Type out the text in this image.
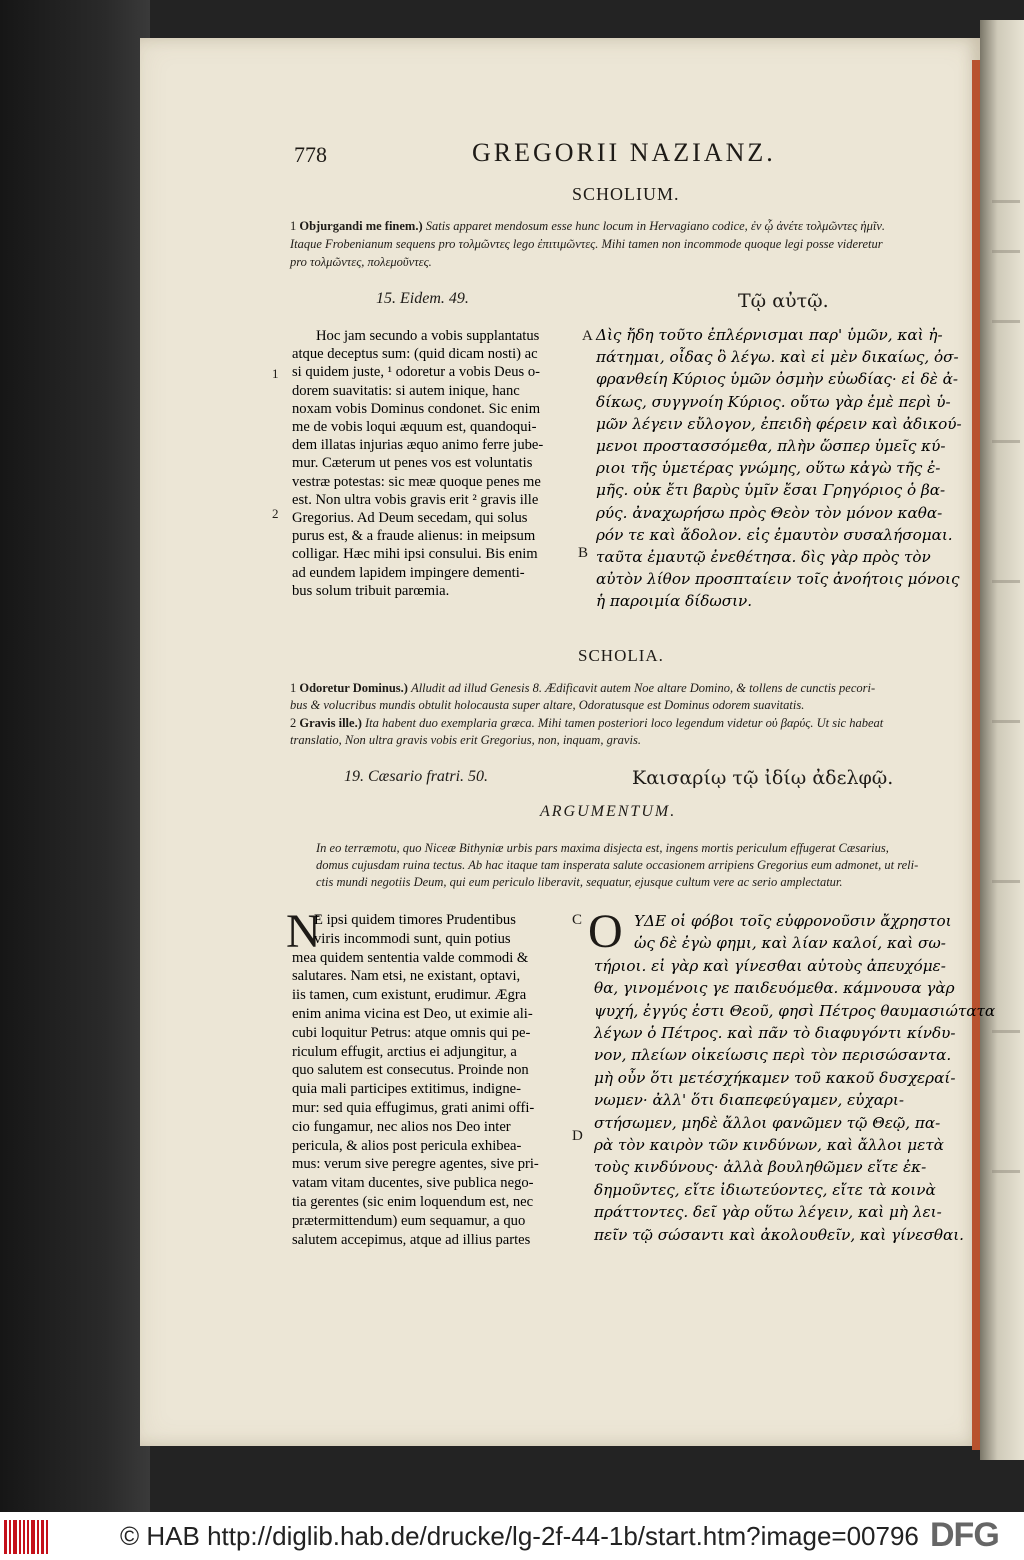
778	GREGORII NAZIANZ.
SCHOLIUM.
1 Objurgandi me finem.) Satis apparet mendosum esse hunc locum in Hervagiano codice, ἐν ᾧ ἀνέτε τολμῶντες ἡμῖν.
Itaque Frobenianum sequens pro τολμῶντες lego ἐπιτιμῶντες. Mihi tamen non incommode quoque legi posse videretur
pro τολμῶντες, πολεμοῦντες.
15. Eidem. 49.	Τῷ αὐτῷ.
Hoc jam secundo a vobis supplantatus
atque deceptus sum: (quid dicam nosti) ac
si quidem juste, ¹ odoretur a vobis Deus o-
dorem suavitatis: si autem inique, hanc
noxam vobis Dominus condonet. Sic enim
me de vobis loqui æquum est, quandoqui-
dem illatas injurias æquo animo ferre jube-
mur. Cæterum ut penes vos est voluntatis
vestræ potestas: sic meæ quoque penes me
est. Non ultra vobis gravis erit ² gravis ille
Gregorius. Ad Deum secedam, qui solus
purus est, & a fraude alienus: in meipsum
colligar. Hæc mihi ipsi consului. Bis enim
ad eundem lapidem impingere dementi-
bus solum tribuit parœmia.
Δὶς ἤδη τοῦτο ἐπλέρνισμαι παρ' ὑμῶν, καὶ ἠ-
πάτημαι, οἶδας ὃ λέγω. καὶ εἰ μὲν δικαίως, ὀσ-
φρανθείη Κύριος ὑμῶν ὀσμὴν εὐωδίας· εἰ δὲ ἀ-
δίκως, συγγνοίη Κύριος. οὕτω γὰρ ἐμὲ περὶ ὑ-
μῶν λέγειν εὔλογον, ἐπειδὴ φέρειν καὶ ἀδικού-
μενοι προστασσόμεθα, πλὴν ὥσπερ ὑμεῖς κύ-
ριοι τῆς ὑμετέρας γνώμης, οὕτω κἀγὼ τῆς ἐ-
μῆς. οὐκ ἔτι βαρὺς ὑμῖν ἔσαι Γρηγόριος ὁ βα-
ρύς. ἀναχωρήσω πρὸς Θεὸν τὸν μόνον καθα-
ρόν τε καὶ ἄδολον. εἰς ἐμαυτὸν συσαλήσομαι.
ταῦτα ἐμαυτῷ ἐνεθέτησα. δὶς γὰρ πρὸς τὸν
αὐτὸν λίθον προσπταίειν τοῖς ἀνοήτοις μόνοις
ἡ παροιμία δίδωσιν.
1
2
A
B
SCHOLIA.
1 Odoretur Dominus.) Alludit ad illud Genesis 8. Ædificavit autem Noe altare Domino, & tollens de cunctis pecori-
bus & volucribus mundis obtulit holocausta super altare, Odoratusque est Dominus odorem suavitatis.
2 Gravis ille.) Ita habent duo exemplaria græca. Mihi tamen posteriori loco legendum videtur οὐ βαρύς. Ut sic habeat
translatio, Non ultra gravis vobis erit Gregorius, non, inquam, gravis.
19. Cæsario fratri. 50.	Καισαρίῳ τῷ ἰδίῳ ἀδελφῷ.
ARGUMENTUM.
In eo terræmotu, quo Niceæ Bithyniæ urbis pars maxima disjecta est, ingens mortis periculum effugerat Cæsarius,
domus cujusdam ruina tectus. Ab hac itaque tam insperata salute occasionem arripiens Gregorius eum admonet, ut reli-
ctis mundi negotiis Deum, qui eum periculo liberavit, sequatur, ejusque cultum vere ac serio amplectatur.
N	O
E ipsi quidem timores Prudentibus
viris incommodi sunt, quin potius
mea quidem sententia valde commodi &
salutares. Nam etsi, ne existant, optavi,
iis tamen, cum existunt, erudimur. Ægra
enim anima vicina est Deo, ut eximie ali-
cubi loquitur Petrus: atque omnis qui pe-
riculum effugit, arctius ei adjungitur, a
quo salutem est consecutus. Proinde non
quia mali participes extitimus, indigne-
mur: sed quia effugimus, grati animi offi-
cio fungamur, nec alios nos Deo inter
pericula, & alios post pericula exhibea-
mus: verum sive peregre agentes, sive pri-
vatam vitam ducentes, sive publica nego-
tia gerentes (sic enim loquendum est, nec
prætermittendum) eum sequamur, a quo
salutem accepimus, atque ad illius partes
ΥΔΕ οἱ φόβοι τοῖς εὐφρονοῦσιν ἄχρηστοι
ὡς δὲ ἐγὼ φημι, καὶ λίαν καλοί, καὶ σω-
τήριοι. εἰ γὰρ καὶ γίνεσθαι αὐτοὺς ἀπευχόμε-
θα, γινομένοις γε παιδευόμεθα. κάμνουσα γὰρ
ψυχή, ἐγγύς ἐστι Θεοῦ, φησὶ Πέτρος θαυμασιώτατα
λέγων ὁ Πέτρος. καὶ πᾶν τὸ διαφυγόντι κίνδυ-
νον, πλείων οἰκείωσις περὶ τὸν περισώσαντα.
μὴ οὖν ὅτι μετέσχήκαμεν τοῦ κακοῦ δυσχεραί-
νωμεν· ἀλλ' ὅτι διαπεφεύγαμεν, εὐχαρι-
στήσωμεν, μηδὲ ἄλλοι φανῶμεν τῷ Θεῷ, πα-
ρὰ τὸν καιρὸν τῶν κινδύνων, καὶ ἄλλοι μετὰ
τοὺς κινδύνους· ἀλλὰ βουληθῶμεν εἴτε ἐκ-
δημοῦντες, εἴτε ἰδιωτεύοντες, εἴτε τὰ κοινὰ
πράττοντες. δεῖ γὰρ οὕτω λέγειν, καὶ μὴ λει-
πεῖν τῷ σώσαντι καὶ ἀκολουθεῖν, καὶ γίνεσθαι.
C
D
© HAB http://diglib.hab.de/drucke/lg-2f-44-1b/start.htm?image=00796 DFG
